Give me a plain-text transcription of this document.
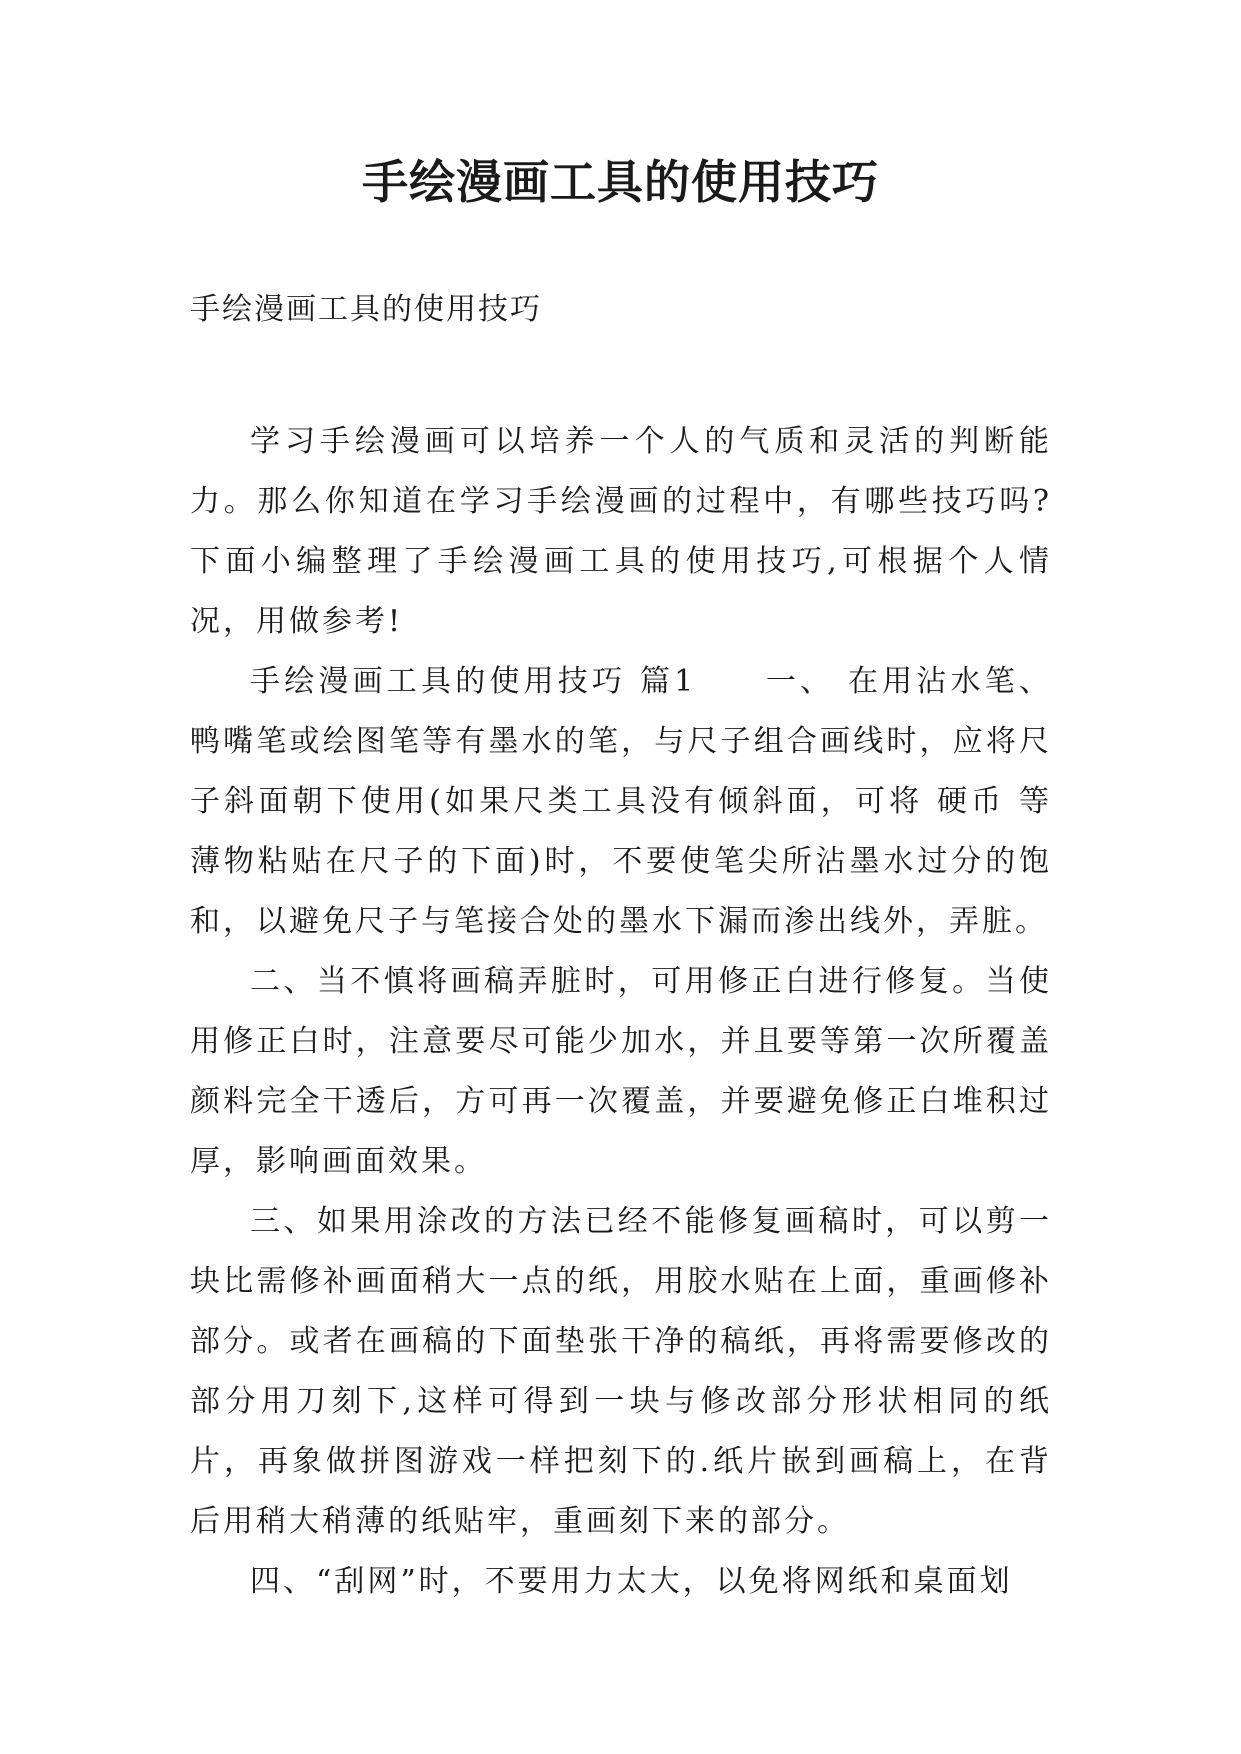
手绘漫画工具的使用技巧

手绘漫画工具的使用技巧

学习手绘漫画可以培养一个人的气质和灵活的判断能力。那么你知道在学习手绘漫画的过程中，有哪些技巧吗?下面小编整理了手绘漫画工具的使用技巧,可根据个人情况，用做参考!

手绘漫画工具的使用技巧 篇1　　一、 在用沾水笔、鸭嘴笔或绘图笔等有墨水的笔，与尺子组合画线时，应将尺子斜面朝下使用(如果尺类工具没有倾斜面，可将 硬币 等薄物粘贴在尺子的下面)时，不要使笔尖所沾墨水过分的饱和，以避免尺子与笔接合处的墨水下漏而渗出线外，弄脏。

二、当不慎将画稿弄脏时，可用修正白进行修复。当使用修正白时，注意要尽可能少加水，并且要等第一次所覆盖颜料完全干透后，方可再一次覆盖，并要避免修正白堆积过厚，影响画面效果。

三、如果用涂改的方法已经不能修复画稿时，可以剪一块比需修补画面稍大一点的纸，用胶水贴在上面，重画修补部分。或者在画稿的下面垫张干净的稿纸，再将需要修改的部分用刀刻下,这样可得到一块与修改部分形状相同的纸片，再象做拼图游戏一样把刻下的.纸片嵌到画稿上，在背后用稍大稍薄的纸贴牢，重画刻下来的部分。

四、“刮网”时，不要用力太大，以免将网纸和桌面划
